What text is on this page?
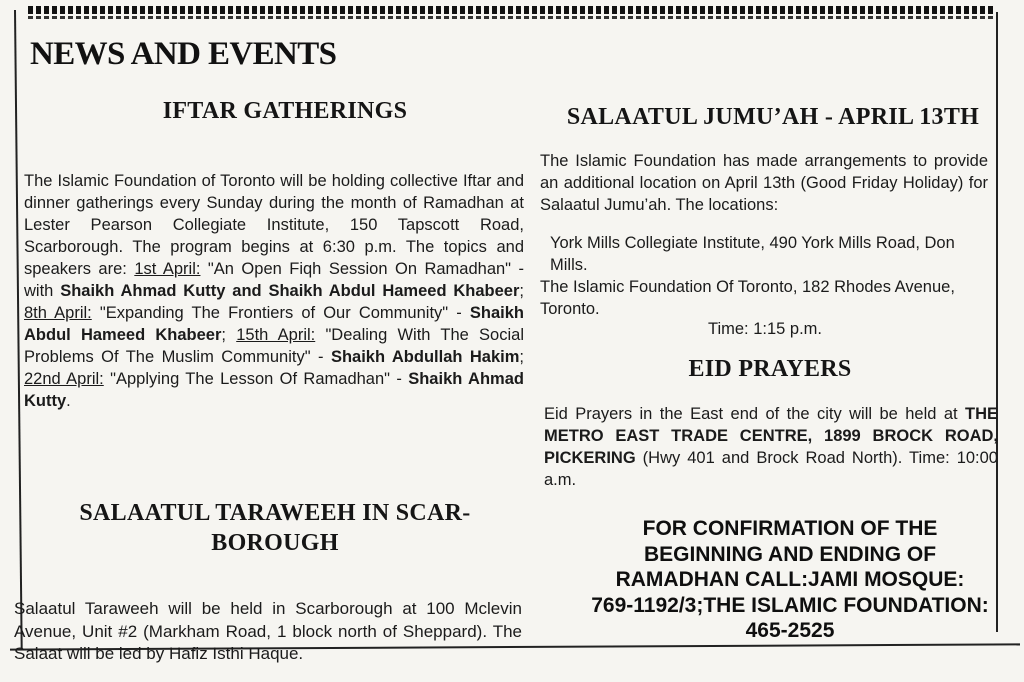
NEWS AND EVENTS
IFTAR GATHERINGS
The Islamic Foundation of Toronto will be holding collective Iftar and dinner gatherings every Sunday during the month of Ramadhan at Lester Pearson Collegiate Institute, 150 Tapscott Road, Scarborough. The program begins at 6:30 p.m. The topics and speakers are: 1st April: "An Open Fiqh Session On Ramadhan" - with Shaikh Ahmad Kutty and Shaikh Abdul Hameed Khabeer; 8th April: "Expanding The Frontiers of Our Community" - Shaikh Abdul Hameed Khabeer; 15th April: "Dealing With The Social Problems Of The Muslim Community" - Shaikh Abdullah Hakim; 22nd April: "Applying The Lesson Of Ramadhan" - Shaikh Ahmad Kutty.
SALAATUL TARAWEEH IN SCAR-
BOROUGH
Salaatul Taraweeh will be held in Scarborough at 100 Mclevin Avenue, Unit #2 (Markham Road, 1 block north of Sheppard). The Salaat will be led by Hafiz Isthi Haque.
SALAATUL JUMU’AH - APRIL 13TH
The Islamic Foundation has made arrangements to provide an additional location on April 13th (Good Friday Holiday) for Salaatul Jumu’ah. The locations:
York Mills Collegiate Institute, 490 York Mills Road, Don Mills.
The Islamic Foundation Of Toronto, 182 Rhodes Avenue, Toronto.
Time: 1:15 p.m.
EID PRAYERS
Eid Prayers in the East end of the city will be held at THE METRO EAST TRADE CENTRE, 1899 BROCK ROAD, PICKERING (Hwy 401 and Brock Road North). Time: 10:00 a.m.
FOR CONFIRMATION OF THE
BEGINNING AND ENDING OF
RAMADHAN CALL:JAMI MOSQUE:
769-1192/3;THE ISLAMIC FOUNDATION:
465-2525
